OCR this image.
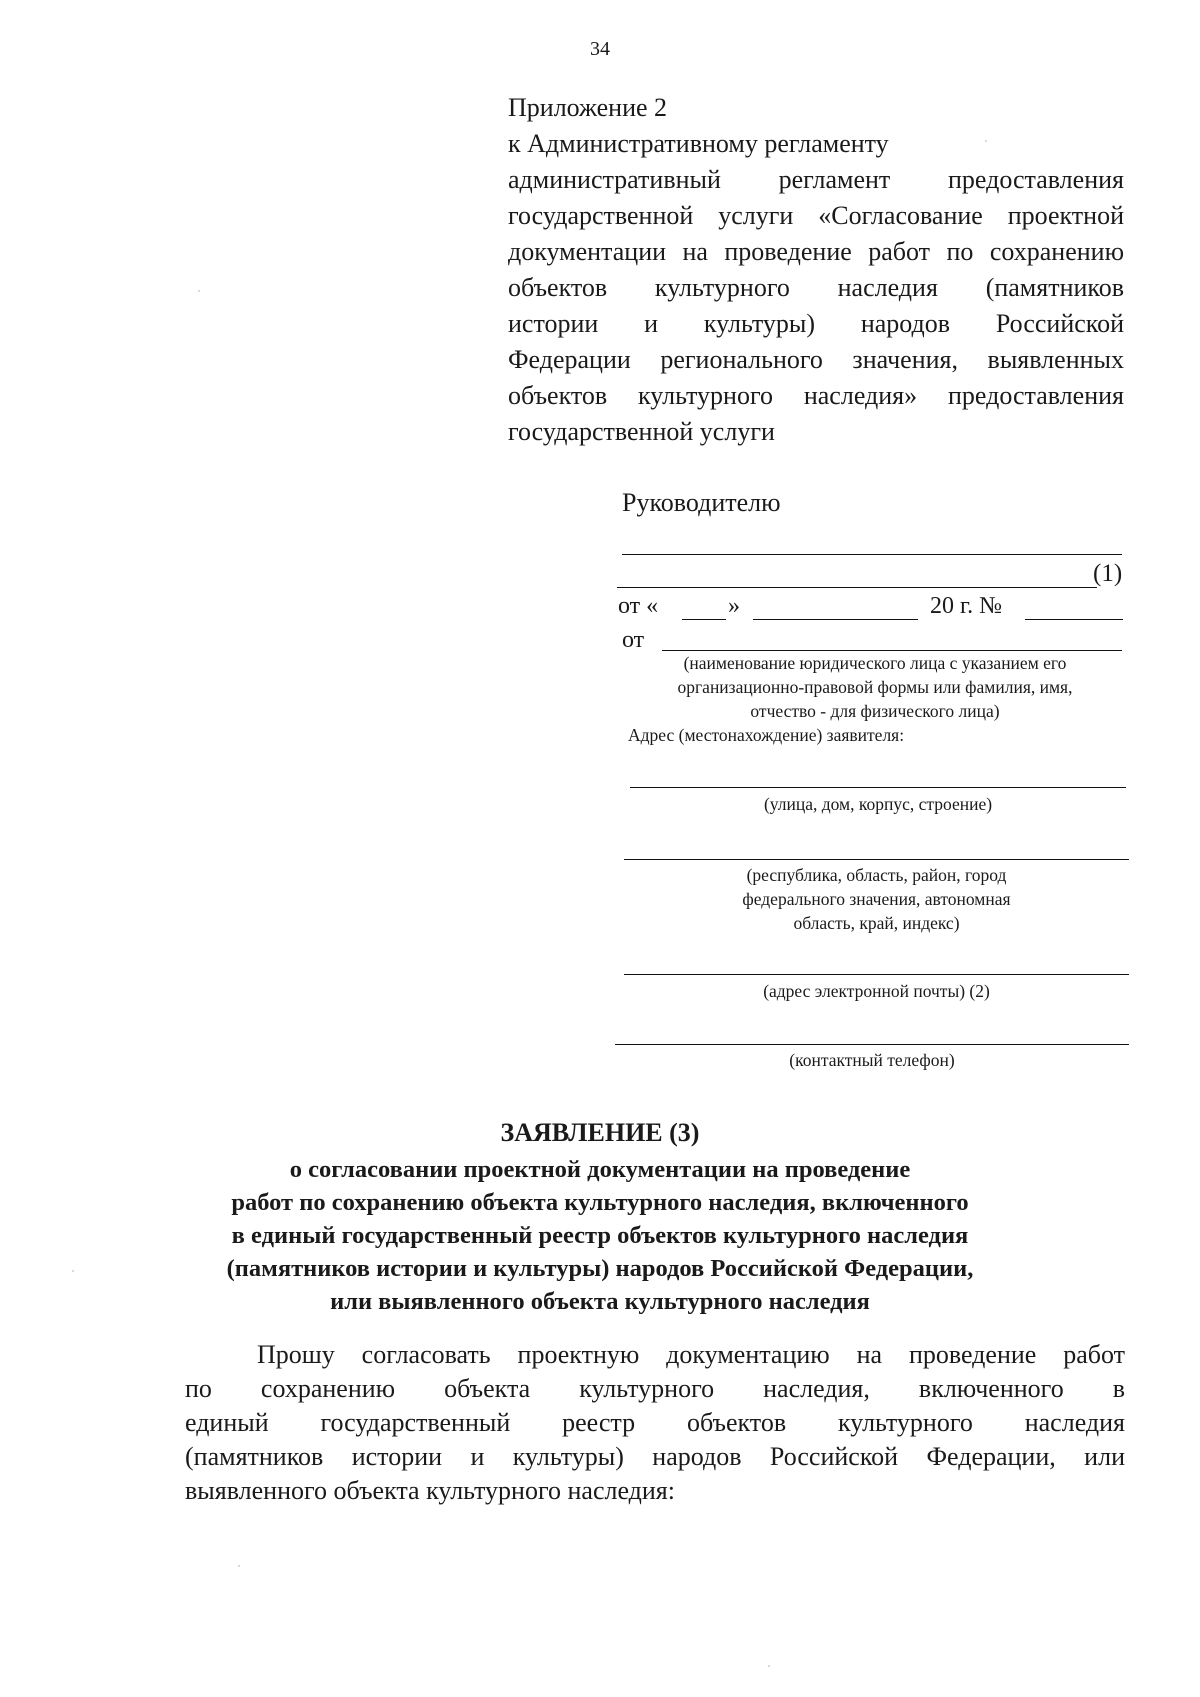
34
Приложение 2
к Административному регламенту
административный регламент предоставления
государственной услуги «Согласование проектной
документации на проведение работ по сохранению
объектов культурного наследия (памятников
истории и культуры) народов Российской
Федерации регионального значения, выявленных
объектов культурного наследия» предоставления
государственной услуги
Руководителю
(1)
от «	»	20 г. №
от
(наименование юридического лица с указанием его
организационно-правовой формы или фамилия, имя,
отчество - для физического лица)
Адрес (местонахождение) заявителя:
(улица, дом, корпус, строение)
(республика, область, район, город
федерального значения, автономная
область, край, индекс)
(адрес электронной почты) (2)
(контактный телефон)
ЗАЯВЛЕНИЕ (3)
о согласовании проектной документации на проведение
работ по сохранению объекта культурного наследия, включенного
в единый государственный реестр объектов культурного наследия
(памятников истории и культуры) народов Российской Федерации,
или выявленного объекта культурного наследия
Прошу согласовать проектную документацию на проведение работ
по сохранению объекта культурного наследия, включенного в
единый государственный реестр объектов культурного наследия
(памятников истории и культуры) народов Российской Федерации, или
выявленного объекта культурного наследия:
